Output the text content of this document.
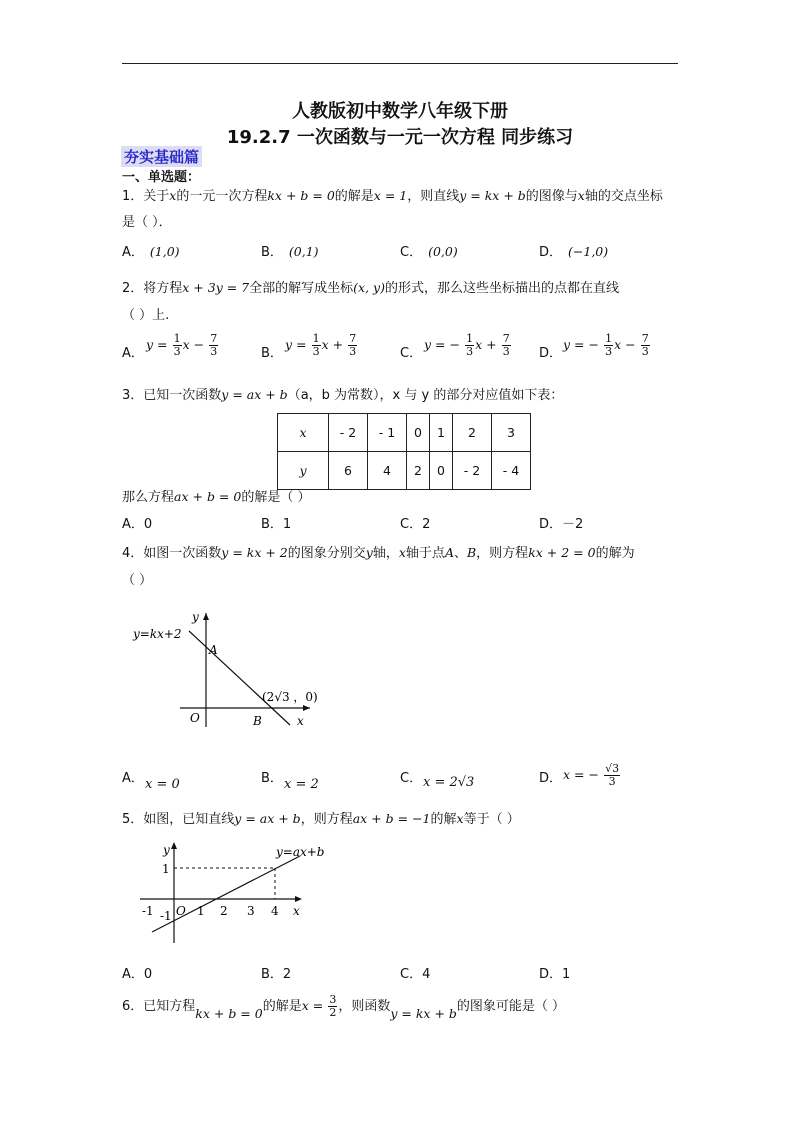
人教版初中数学八年级下册
19.2.7 一次函数与一元一次方程 同步练习
夯实基础篇
一、单选题：
1．关于x的一元一次方程kx + b = 0的解是x = 1，则直线y = kx + b的图像与x轴的交点坐标
是（ ）．
A． (1,0)	B． (0,1)	C． (0,0)	D． (−1,0)
2．将方程x + 3y = 7全部的解写成坐标(x, y)的形式，那么这些坐标描出的点都在直线
（ ）上.
A．
$y = \frac{1}{3}$ $x - \frac{7}{3}$	B．
$y = \frac{1}{3}$ $x + \frac{7}{3}$	C．
y = − $\frac{1}{3}$ $x + \frac{7}{3}$ D．
y = − $\frac{1}{3}$ $x - \frac{7}{3}$
3．已知一次函数y = ax + b（a，b 为常数），x 与 y 的部分对应值如下表：
x	- 2	- 1	0	1	2	3
y	6	4	2	0	- 2	- 4
那么方程ax + b = 0的解是（ ）
A．0	B．1	C．2	D．－2
4．如图一次函数y = kx + 2的图象分别交y轴，x轴于点A、B，则方程kx + 2 = 0的解为
（ ）
y=kx+2
A
B
O	x
y
(2√3 ，0)
A． x = 0	B． x = 2	C． x = 2√3	D． x = − $\frac{√3}{3}$
5．如图，已知直线y = ax + b，则方程ax + b = −1的解x等于（ ）
y=ax+b
y
x
O
1
-1
-1	1 2 3 4
A．0	B．2	C．4	D．1
6．已知方程kx + b = 0的解是$x = \frac{3}{2}$ ，则函数y = kx + b的图象可能是（ ）
